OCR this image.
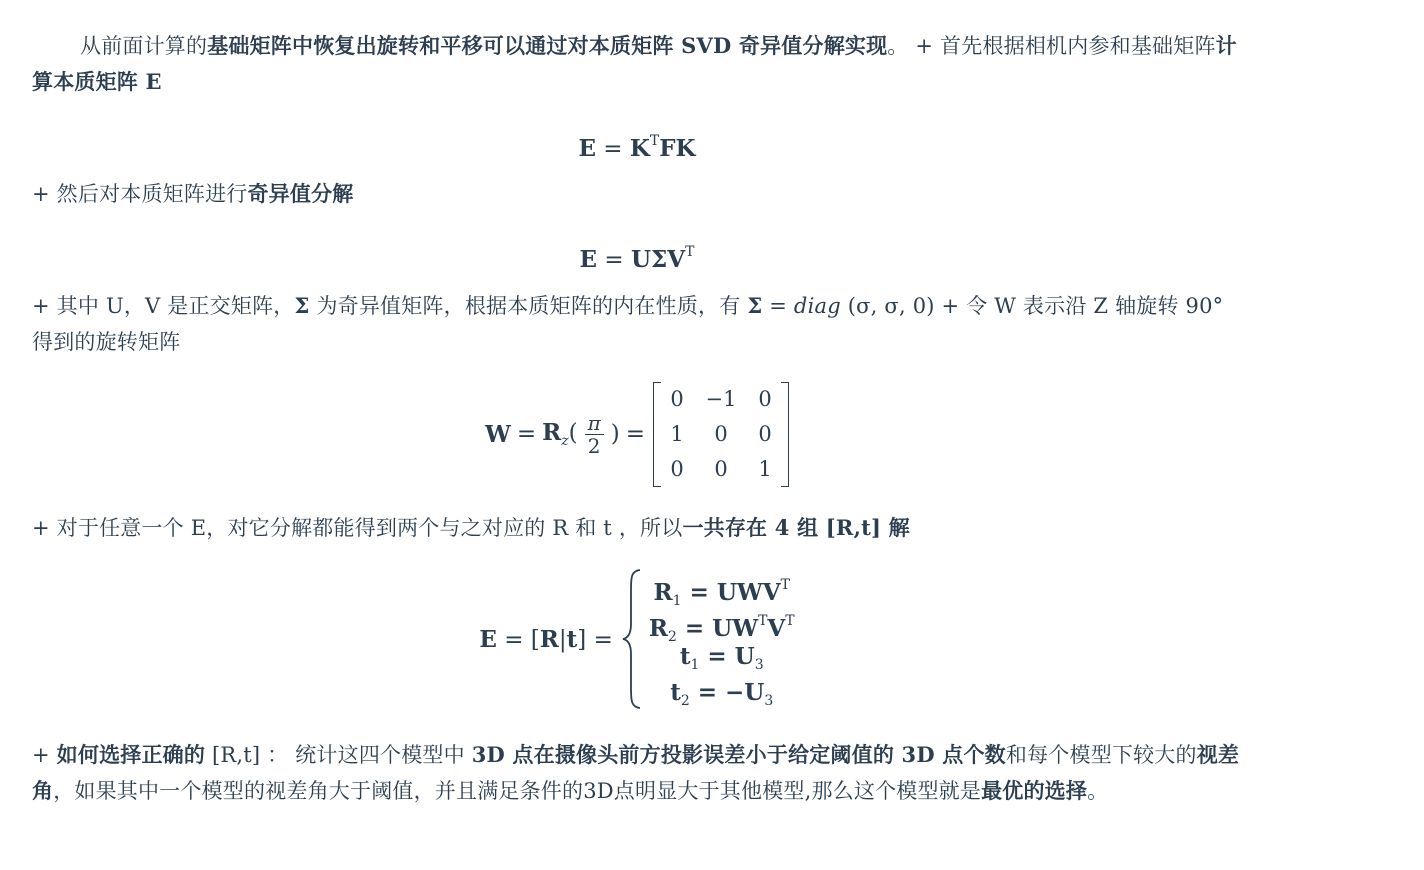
从前面计算的基础矩阵中恢复出旋转和平移可以通过对本质矩阵 SVD 奇异值分解实现。 + 首先根据相机内参和基础矩阵计算本质矩阵 E

$E = K^TFK$

+ 然后对本质矩阵进行奇异值分解

$E = U\Sigma V^T$

+ 其中 U，V 是正交矩阵，Σ 为奇异值矩阵，根据本质矩阵的内在性质，有 Σ = diag (σ, σ, 0) + 令 W 表示沿 Z 轴旋转 90° 得到的旋转矩阵

$W = R_z( \frac{\pi}{2}$ ) =
0	−1	0
1	0	0
0	0	1

+ 对于任意一个 E，对它分解都能得到两个与之对应的 R 和 t ，所以一共存在 4 组 [R,t] 解

E = [R|t] =
$R_1 = UWV^T$
$R_2 = UW^TV^T$
$t_1 = U_3$
$t_2 = -U_3$

+ 如何选择正确的 [R,t] ： 统计这四个模型中 3D 点在摄像头前方投影误差小于给定阈值的 3D 点个数和每个模型下较大的视差角，如果其中一个模型的视差角大于阈值，并且满足条件的3D点明显大于其他模型,那么这个模型就是最优的选择。
